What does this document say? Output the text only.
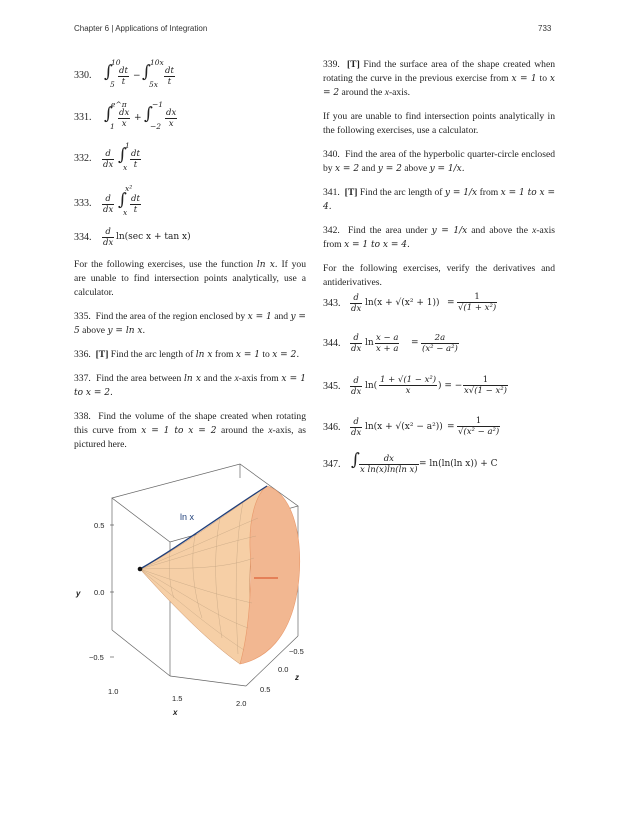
Chapter 6 | Applications of Integration	733
330. ∫
10
$5 \frac{dt}{t}$ − ∫ 10x
$5x \frac{dt}{t}$
331. ∫
e^π
$1 \frac{dx}{x}$ + ∫ −1
$-2 \frac{dx}{x}$
332. $\frac{d}{dx}$ ∫
1
x $\frac{dt}{t}$
333. $\frac{d}{dx}$ ∫
x²
x $\frac{dt}{t}$
334. $\frac{d}{dx} \ln(\sec$ x + tan x)

For the following exercises, use the function ln x. If you are unable to find intersection points analytically, use a calculator.

335. Find the area of the region enclosed by x = 1 and y = 5 above y = ln x.

336. [T] Find the arc length of ln x from x = 1 to x = 2.

337. Find the area between ln x and the x-axis from x = 1 to x = 2.

338. Find the volume of the shape created when rotating this curve from x = 1 to x = 2 around the x-axis, as pictured here.

ln x
0.5
0.0
−0.5
y
1.0
1.5
2.0
x
−0.5
0.0
0.5
z

339. [T] Find the surface area of the shape created when rotating the curve in the previous exercise from x = 1 to x = 2 around the x-axis.

If you are unable to find intersection points analytically in the following exercises, use a calculator.

340. Find the area of the hyperbolic quarter-circle enclosed by x = 2 and y = 2 above y = 1/x.

341. [T] Find the arc length of y = 1/x from x = 1 to x = 4.

342. Find the area under y = 1/x and above the x-axis from x = 1 to x = 4.

For the following exercises, verify the derivatives and antiderivatives.

343. $\frac{d}{dx} \ln(x + √(x^2 + 1)) = \frac{1}{\text{√(1 + x²)}}$
344. $\frac{d}{dx}$ $\ln \frac{x - a}{x + a} = \frac{2a}{\text{(x² − a²)}}$
345. $\frac{d}{dx} \ln( \frac{\text{1 + √(1 − x²)}}{x}$ ) = − $\frac{1}{\text{x√(1 − x²)}}$
346. $\frac{d}{dx} \ln(x + √(x^2 - a^2)) = \frac{1}{\text{√(x² − a²)}}$
347. ∫ $\frac{dx}{\text{x ln(x)ln(ln x)}} = \ln(\ln(\ln$ x)) + C
